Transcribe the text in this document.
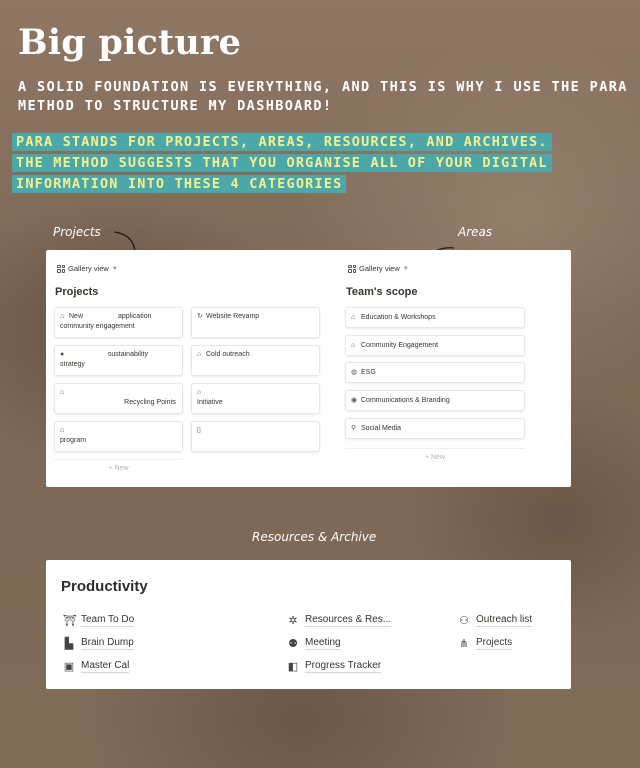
Big picture
A SOLID FOUNDATION IS EVERYTHING, AND THIS IS WHY I USE THE PARA METHOD TO STRUCTURE MY DASHBOARD!
PARA STANDS FOR PROJECTS, AREAS, RESOURCES, AND ARCHIVES.
THE METHOD SUGGESTS THAT YOU ORGANISE ALL OF YOUR DIGITAL
INFORMATION INTO THESE 4 CATEGORIES
Projects	Areas
Resources & Archive
Gallery view ▼
Projects
⌂ New                  application
community engagement
↻ Website Revamp
●	sustainability
strategy
⌂ Cold outreach
⌂
Recycling Points
⌂
Initiative
⌂
program
▯
+ New
Gallery view ▼
Team's scope
⌂ Education & Workshops
⌂ Community Engagement
◍ ESG
◉ Communications & Branding
⚲ Social Media
+ New
Productivity
⛩ Team To Do	✲ Resources & Res...	⚇ Outreach list
▙ Brain Dump	⚉ Meeting	⋔ Projects
▣ Master Cal	◧ Progress Tracker
